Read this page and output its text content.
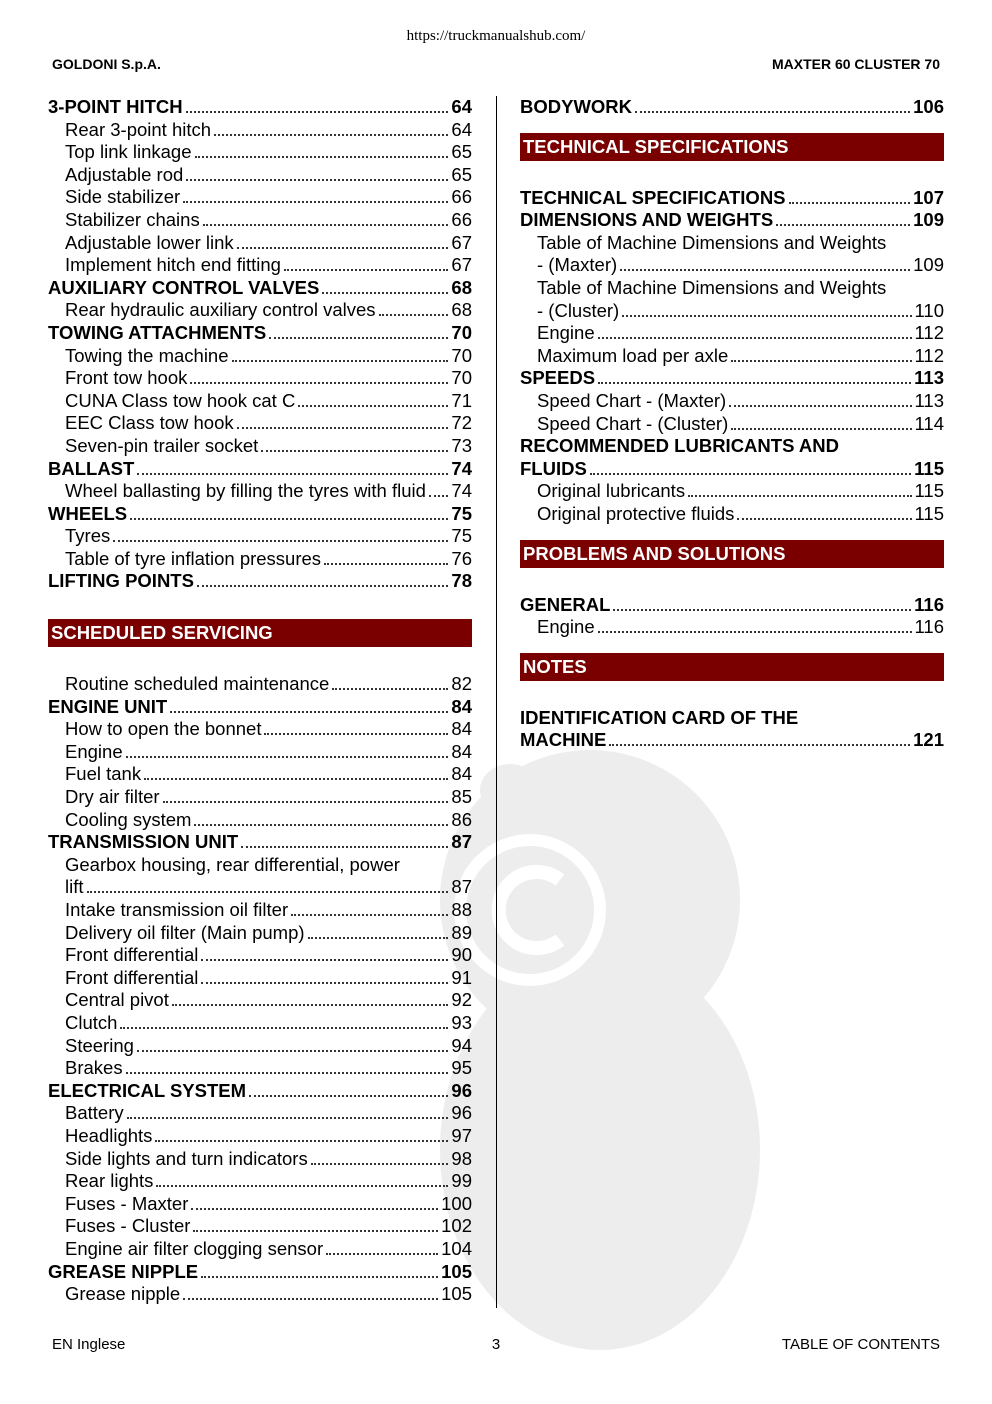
https://truckmanualshub.com/
GOLDONI S.p.A.	MAXTER 60 CLUSTER 70
3-POINT HITCH	64
Rear 3-point hitch	64
Top link linkage	65
Adjustable rod	65
Side stabilizer	66
Stabilizer chains	66
Adjustable lower link	67
Implement hitch end fitting	67
AUXILIARY CONTROL VALVES	68
Rear hydraulic auxiliary control valves	68
TOWING ATTACHMENTS	70
Towing the machine	70
Front tow hook	70
CUNA Class tow hook cat C	71
EEC Class tow hook	72
Seven-pin trailer socket	73
BALLAST	74
Wheel ballasting by filling the tyres with fluid 74
WHEELS	75
Tyres	75
Table of tyre inflation pressures	76
LIFTING POINTS	78
SCHEDULED SERVICING
Routine scheduled maintenance	82
ENGINE UNIT	84
How to open the bonnet	84
Engine	84
Fuel tank	84
Dry air filter	85
Cooling system	86
TRANSMISSION UNIT	87
Gearbox housing, rear differential, power
lift	87
Intake transmission oil filter	88
Delivery oil filter (Main pump)	89
Front differential	90
Front differential	91
Central pivot	92
Clutch	93
Steering	94
Brakes	95
ELECTRICAL SYSTEM	96
Battery	96
Headlights	97
Side lights and turn indicators	98
Rear lights	99
Fuses - Maxter	100
Fuses - Cluster	102
Engine air filter clogging sensor	104
GREASE NIPPLE	105
Grease nipple	105
BODYWORK	106
TECHNICAL SPECIFICATIONS
TECHNICAL SPECIFICATIONS	107
DIMENSIONS AND WEIGHTS	109
Table of Machine Dimensions and Weights
- (Maxter)	109
Table of Machine Dimensions and Weights
- (Cluster)	110
Engine	112
Maximum load per axle	112
SPEEDS	113
Speed Chart - (Maxter)	113
Speed Chart - (Cluster)	114
RECOMMENDED LUBRICANTS AND
FLUIDS	115
Original lubricants	115
Original protective fluids	115
PROBLEMS AND SOLUTIONS
GENERAL	116
Engine	116
NOTES
IDENTIFICATION CARD OF THE
MACHINE	121
EN Inglese	3	TABLE OF CONTENTS
